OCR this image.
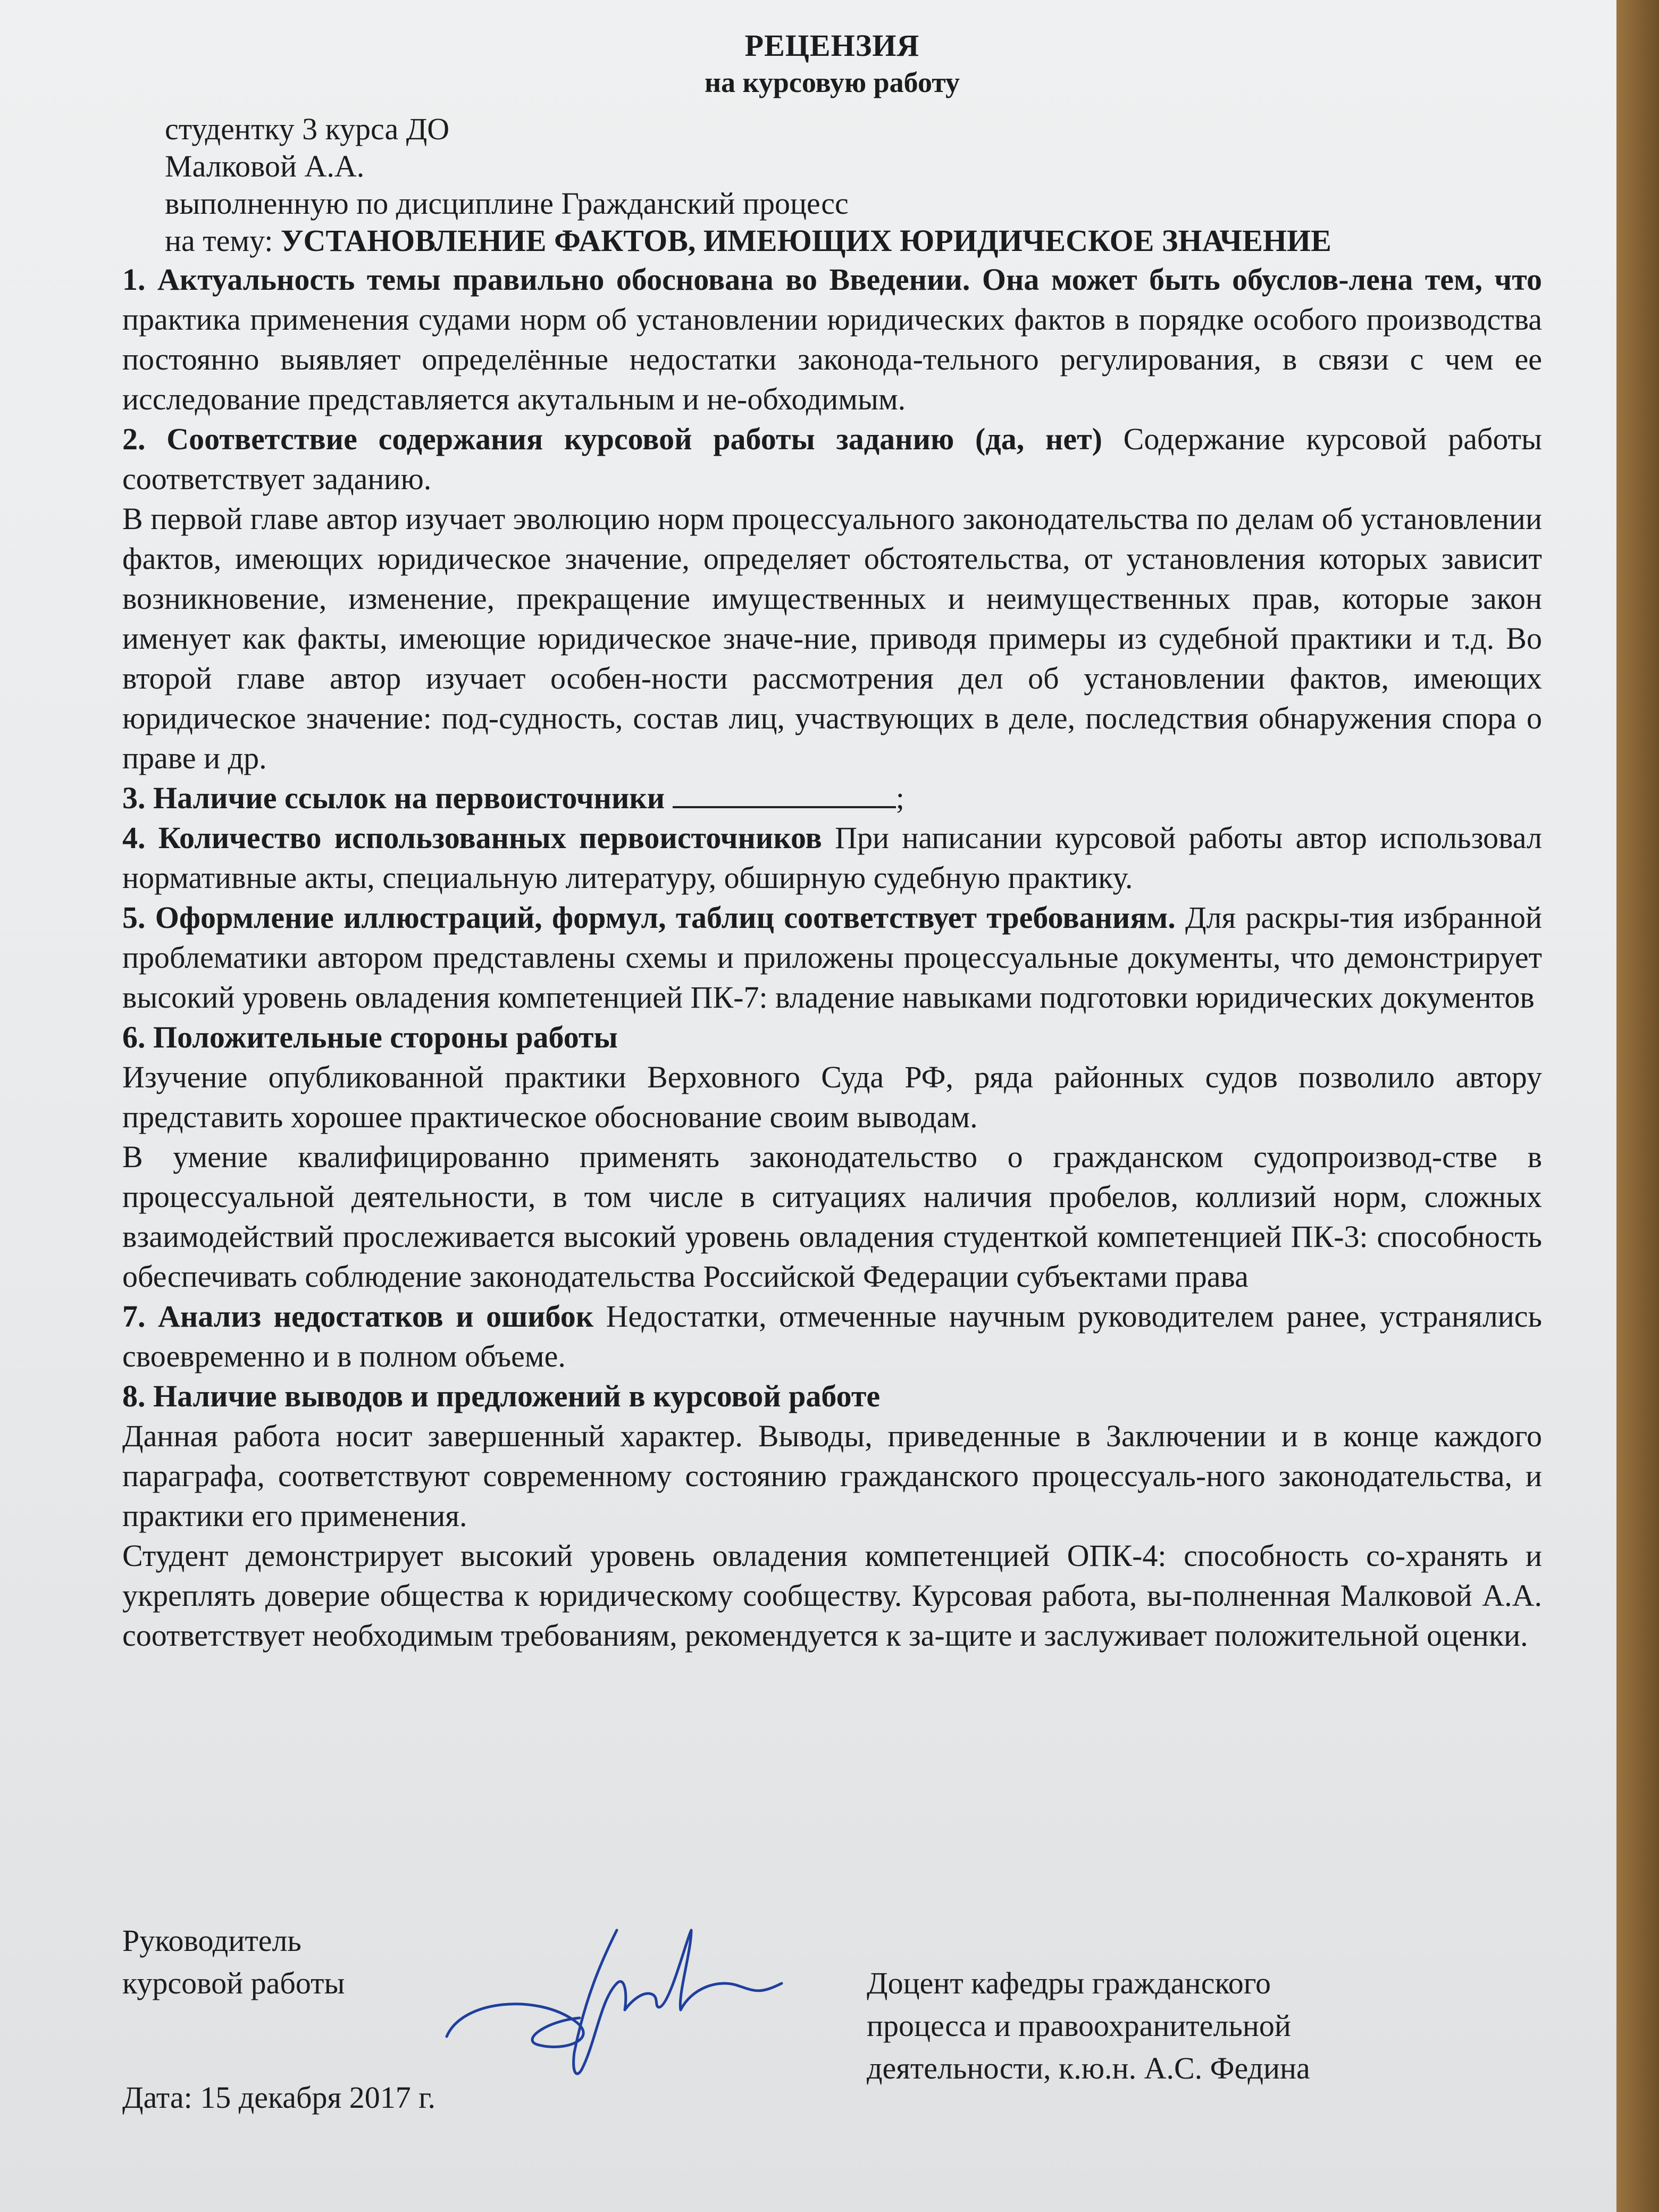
РЕЦЕНЗИЯ

на курсовую работу

студентку 3 курса ДО

Малковой А.А.

выполненную по дисциплине Гражданский процесс

на тему: УСТАНОВЛЕНИЕ ФАКТОВ, ИМЕЮЩИХ ЮРИДИЧЕСКОЕ ЗНАЧЕНИЕ

1. Актуальность темы правильно обоснована во Введении. Она может быть обуслов-лена тем, что практика применения судами норм об установлении юридических фактов в порядке особого производства постоянно выявляет определённые недостатки законода-тельного регулирования, в связи с чем ее исследование представляется акутальным и не-обходимым.

2. Соответствие содержания курсовой работы заданию (да, нет) Содержание курсовой работы соответствует заданию.

В первой главе автор изучает эволюцию норм процессуального законодательства по делам об установлении фактов, имеющих юридическое значение, определяет обстоятельства, от установления которых зависит возникновение, изменение, прекращение имущественных и неимущественных прав, которые закон именует как факты, имеющие юридическое значе-ние, приводя примеры из судебной практики и т.д. Во второй главе автор изучает особен-ности рассмотрения дел об установлении фактов, имеющих юридическое значение: под-судность, состав лиц, участвующих в деле, последствия обнаружения спора о праве и др.

3. Наличие ссылок на первоисточники	;

4. Количество использованных первоисточников При написании курсовой работы автор использовал нормативные акты, специальную литературу, обширную судебную практику.

5. Оформление иллюстраций, формул, таблиц соответствует требованиям. Для раскры-тия избранной проблематики автором представлены схемы и приложены процессуальные документы, что демонстрирует высокий уровень овладения компетенцией ПК-7: владение навыками подготовки юридических документов

6. Положительные стороны работы

Изучение опубликованной практики Верховного Суда РФ, ряда районных судов позволило автору представить хорошее практическое обоснование своим выводам.

В умение квалифицированно применять законодательство о гражданском судопроизвод-стве в процессуальной деятельности, в том числе в ситуациях наличия пробелов, коллизий норм, сложных взаимодействий прослеживается высокий уровень овладения студенткой компетенцией ПК-3: способность обеспечивать соблюдение законодательства Российской Федерации субъектами права

7. Анализ недостатков и ошибок Недостатки, отмеченные научным руководителем ранее, устранялись своевременно и в полном объеме.

8. Наличие выводов и предложений в курсовой работе

Данная работа носит завершенный характер. Выводы, приведенные в Заключении и в конце каждого параграфа, соответствуют современному состоянию гражданского процессуаль-ного законодательства, и практики его применения.

Студент демонстрирует высокий уровень овладения компетенцией ОПК-4: способность со-хранять и укреплять доверие общества к юридическому сообществу. Курсовая работа, вы-полненная Малковой А.А. соответствует необходимым требованиям, рекомендуется к за-щите и заслуживает положительной оценки.

Руководитель
курсовой работы	Доцент кафедры гражданского
процесса и правоохранительной
деятельности, к.ю.н. А.С. Федина
Дата: 15 декабря 2017 г.
